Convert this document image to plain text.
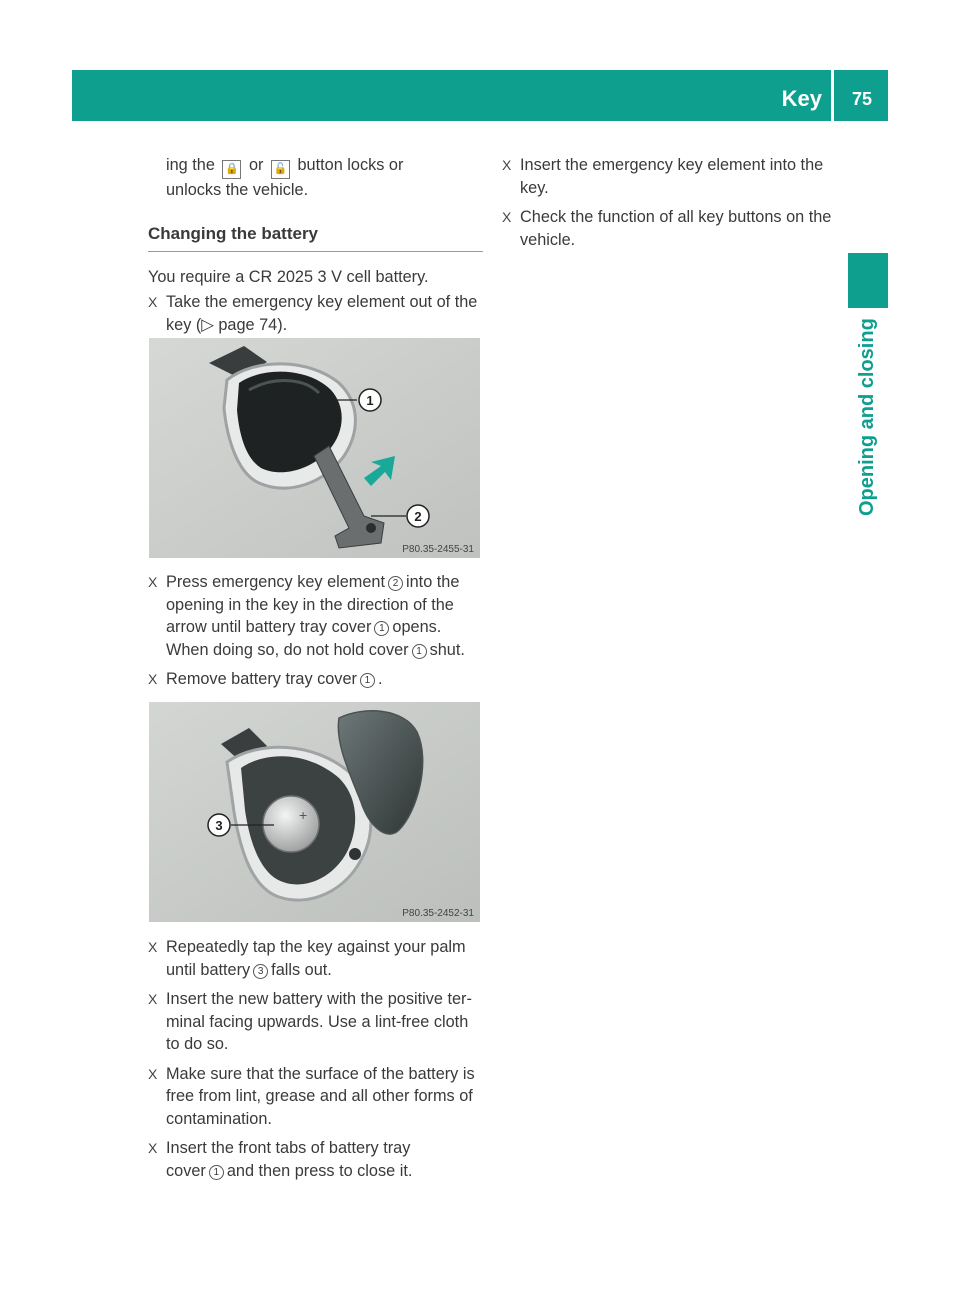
Key	75
Opening and closing

ing the 🔒 or 🔓 button locks or
unlocks the vehicle.

Changing the battery

You require a CR 2025 3 V cell battery.

X Take the emergency key element out of the
key (▷ page 74).
1
2
P80.35-2455-31
X Press emergency key element 2 into the
opening in the key in the direction of the
arrow until battery tray cover 1 opens.
When doing so, do not hold cover 1 shut.
X Remove battery tray cover 1 .
+
3
P80.35-2452-31
X Repeatedly tap the key against your palm
until battery 3 falls out.
X Insert the new battery with the positive ter-
minal facing upwards. Use a lint-free cloth
to do so.
X Make sure that the surface of the battery is
free from lint, grease and all other forms of
contamination.
X Insert the front tabs of battery tray
cover 1 and then press to close it.
X Insert the emergency key element into the
key.
X Check the function of all key buttons on the
vehicle.
